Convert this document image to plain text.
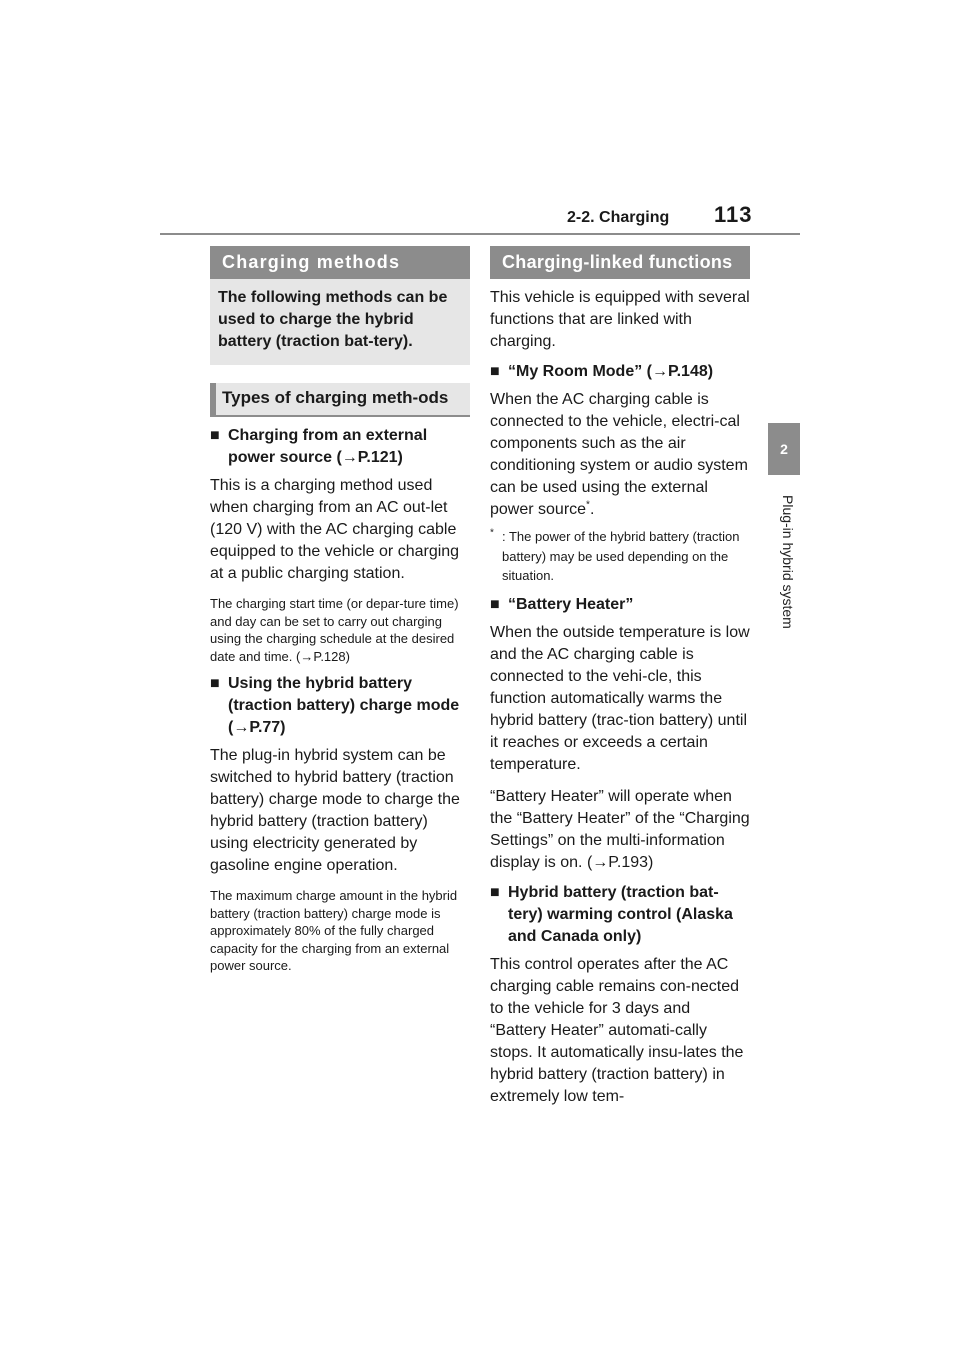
2-2. Charging 113
2
Plug-in hybrid system
Charging methods
The following methods can be used to charge the hybrid battery (traction bat-tery).
Types of charging meth-ods
■ Charging from an external power source (→P.121)

This is a charging method used when charging from an AC out-let (120 V) with the AC charging cable equipped to the vehicle or charging at a public charging station.

The charging start time (or depar-ture time) and day can be set to carry out charging using the charging schedule at the desired date and time. (→P.128)

■ Using the hybrid battery (traction battery) charge mode (→P.77)

The plug-in hybrid system can be switched to hybrid battery (traction battery) charge mode to charge the hybrid battery (traction battery) using electricity generated by gasoline engine operation.

The maximum charge amount in the hybrid battery (traction battery) charge mode is approximately 80% of the fully charged capacity for the charging from an external power source.

Charging-linked functions

This vehicle is equipped with several functions that are linked with charging.

■ “My Room Mode” (→P.148)

When the AC charging cable is connected to the vehicle, electri-cal components such as the air conditioning system or audio system can be used using the external power source*.

* : The power of the hybrid battery (traction battery) may be used depending on the situation.
■ “Battery Heater”

When the outside temperature is low and the AC charging cable is connected to the vehi-cle, this function automatically warms the hybrid battery (trac-tion battery) until it reaches or exceeds a certain temperature.

“Battery Heater” will operate when the “Battery Heater” of the “Charging Settings” on the multi-information display is on. (→P.193)

■ Hybrid battery (traction bat-tery) warming control (Alaska and Canada only)

This control operates after the AC charging cable remains con-nected to the vehicle for 3 days and “Battery Heater” automati-cally stops. It automatically insu-lates the hybrid battery (traction battery) in extremely low tem-
